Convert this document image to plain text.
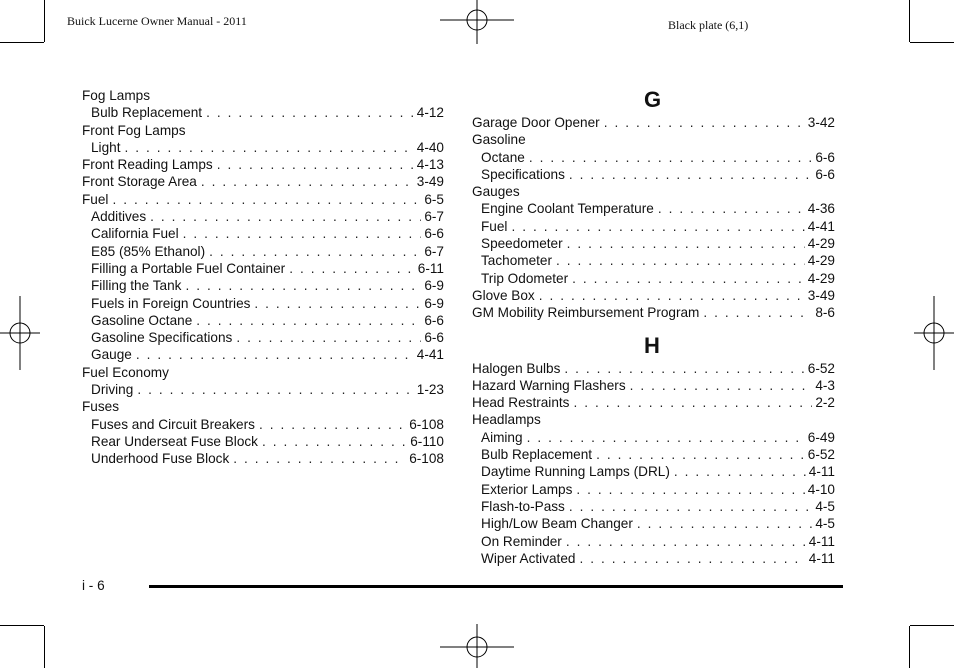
Buick Lucerne Owner Manual - 2011	Black plate (6,1)
Fog Lamps
Bulb Replacement . . .	4-12
Front Fog Lamps
Light . . .	4-40
Front Reading Lamps . . .	4-13
Front Storage Area . . .	3-49
Fuel . . .	6-5
Additives . . .	6-7
California Fuel . . .	6-6
E85 (85% Ethanol) . . .	6-7
Filling a Portable Fuel Container . . .	6-11
Filling the Tank . . .	6-9
Fuels in Foreign Countries . . .	6-9
Gasoline Octane . . .	6-6
Gasoline Specifications . . .	6-6
Gauge . . .	4-41
Fuel Economy
Driving . . .	1-23
Fuses
Fuses and Circuit Breakers . . .	6-108
Rear Underseat Fuse Block . . .	6-110
Underhood Fuse Block . . .	6-108
G
Garage Door Opener . . .	3-42
Gasoline
Octane . . .	6-6
Specifications . . .	6-6
Gauges
Engine Coolant Temperature . . .	4-36
Fuel . . .	4-41
Speedometer . . .	4-29
Tachometer . . .	4-29
Trip Odometer . . .	4-29
Glove Box . . .	3-49
GM Mobility Reimbursement Program . . .	8-6
H
Halogen Bulbs . . .	6-52
Hazard Warning Flashers . . .	4-3
Head Restraints . . .	2-2
Headlamps
Aiming . . .	6-49
Bulb Replacement . . .	6-52
Daytime Running Lamps (DRL) . . .	4-11
Exterior Lamps . . .	4-10
Flash-to-Pass . . .	4-5
High/Low Beam Changer . . .	4-5
On Reminder . . .	4-11
Wiper Activated . . .	4-11
i - 6
